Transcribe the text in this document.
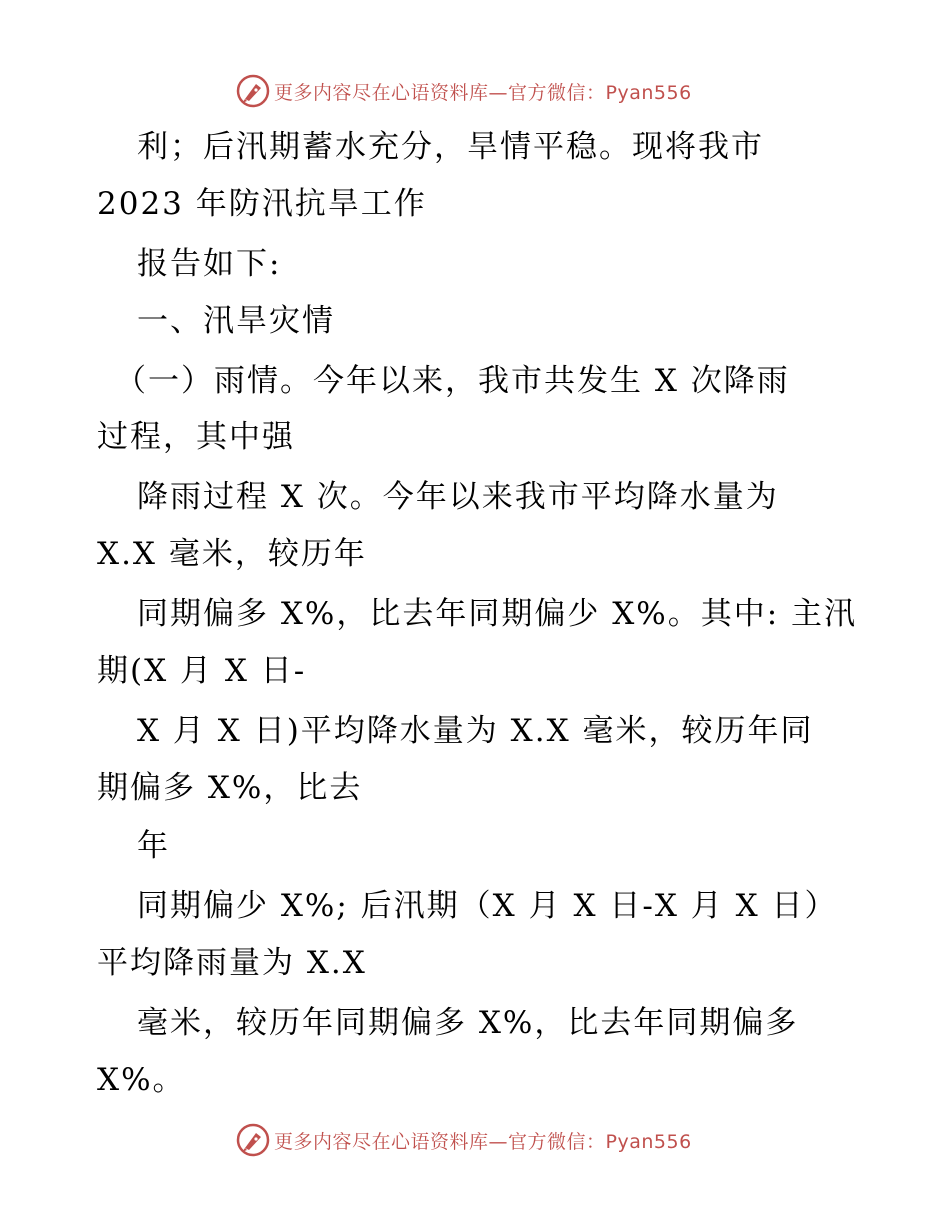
更多内容尽在心语资料库—官方微信：Pyan556
利；后汛期蓄水充分，旱情平稳。现将我市
2023 年防汛抗旱工作
报告如下:
一、汛旱灾情
（一）雨情。今年以来，我市共发生 X 次降雨
过程，其中强
降雨过程 X 次。今年以来我市平均降水量为
X.X 毫米，较历年
同期偏多 X%，比去年同期偏少 X%。其中: 主汛
期(X 月 X 日-
X 月 X 日)平均降水量为 X.X 毫米，较历年同
期偏多 X%，比去
年
同期偏少 X%; 后汛期（X 月 X 日-X 月 X 日）
平均降雨量为 X.X
毫米，较历年同期偏多 X%，比去年同期偏多
X%。
更多内容尽在心语资料库—官方微信：Pyan556
